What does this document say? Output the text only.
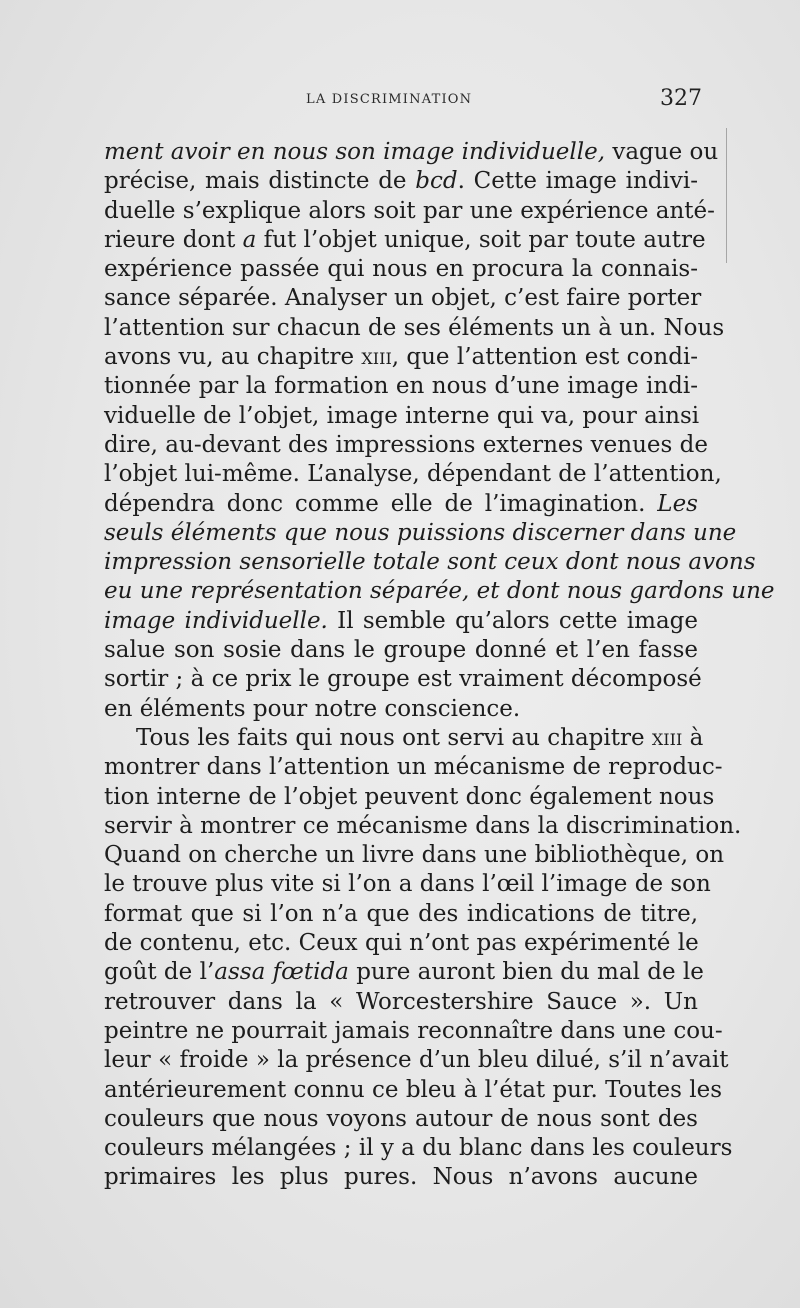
LA DISCRIMINATION	327
ment avoir en nous son image individuelle, vague ou
précise, mais distincte de bcd. Cette image indivi-
duelle s’explique alors soit par une expérience anté-
rieure dont a fut l’objet unique, soit par toute autre
expérience passée qui nous en procura la connais-
sance séparée. Analyser un objet, c’est faire porter
l’attention sur chacun de ses éléments un à un. Nous
avons vu, au chapitre xiii, que l’attention est condi-
tionnée par la formation en nous d’une image indi-
viduelle de l’objet, image interne qui va, pour ainsi
dire, au-devant des impressions externes venues de
l’objet lui-même. L’analyse, dépendant de l’attention,
dépendra donc comme elle de l’imagination. Les
seuls éléments que nous puissions discerner dans une
impression sensorielle totale sont ceux dont nous avons
eu une représentation séparée, et dont nous gardons une
image individuelle. Il semble qu’alors cette image
salue son sosie dans le groupe donné et l’en fasse
sortir ; à ce prix le groupe est vraiment décomposé
en éléments pour notre conscience.
Tous les faits qui nous ont servi au chapitre xiii à
montrer dans l’attention un mécanisme de reproduc-
tion interne de l’objet peuvent donc également nous
servir à montrer ce mécanisme dans la discrimination.
Quand on cherche un livre dans une bibliothèque, on
le trouve plus vite si l’on a dans l’œil l’image de son
format que si l’on n’a que des indications de titre,
de contenu, etc. Ceux qui n’ont pas expérimenté le
goût de l’assa fœtida pure auront bien du mal de le
retrouver dans la « Worcestershire Sauce ». Un
peintre ne pourrait jamais reconnaître dans une cou-
leur « froide » la présence d’un bleu dilué, s’il n’avait
antérieurement connu ce bleu à l’état pur. Toutes les
couleurs que nous voyons autour de nous sont des
couleurs mélangées ; il y a du blanc dans les couleurs
primaires les plus pures. Nous n’avons aucune
